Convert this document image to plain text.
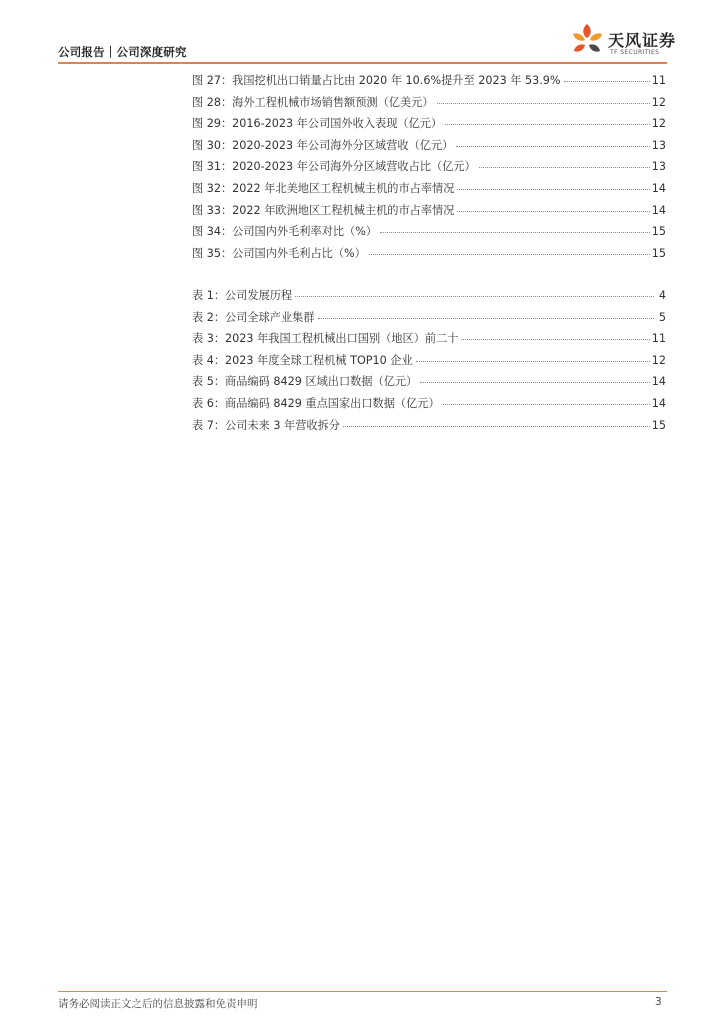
公司报告｜公司深度研究
天风证券
TF SECURITIES
图 27：我国挖机出口销量占比由 2020 年 10.6%提升至 2023 年 53.9%	11
图 28：海外工程机械市场销售额预测（亿美元）	12
图 29：2016-2023 年公司国外收入表现（亿元）	12
图 30：2020-2023 年公司海外分区域营收（亿元）	13
图 31：2020-2023 年公司海外分区域营收占比（亿元）	13
图 32：2022 年北美地区工程机械主机的市占率情况	14
图 33：2022 年欧洲地区工程机械主机的市占率情况	14
图 34：公司国内外毛利率对比（%）	15
图 35：公司国内外毛利占比（%）	15
表 1：公司发展历程	4
表 2：公司全球产业集群	5
表 3：2023 年我国工程机械出口国别（地区）前二十	11
表 4：2023 年度全球工程机械 TOP10 企业	12
表 5：商品编码 8429 区域出口数据（亿元）	14
表 6：商品编码 8429 重点国家出口数据（亿元）	14
表 7：公司未来 3 年营收拆分	15
请务必阅读正文之后的信息披露和免责申明	3
